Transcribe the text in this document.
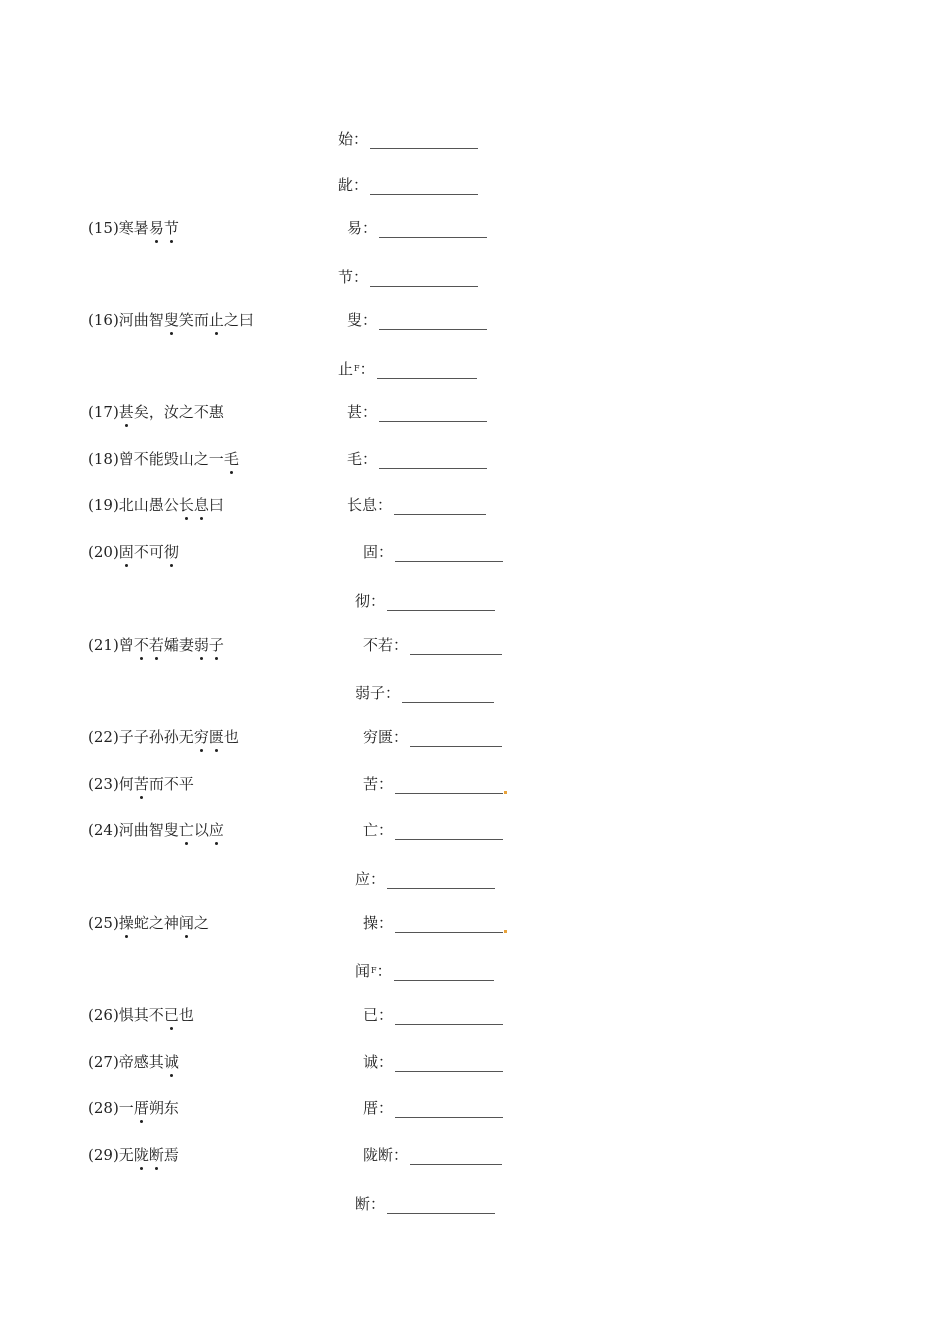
(15)寒暑易节
(16)河曲智叟笑而止之曰
(17)甚矣，汝之不惠
(18)曾不能毁山之一毛
(19)北山愚公长息曰
(20)固不可彻
(21)曾不若孀妻弱子
(22)子子孙孙无穷匮也
(23)何苦而不平
(24)河曲智叟亡以应
(25)操蛇之神闻之
(26)惧其不已也
(27)帝感其诚
(28)一厝朔东
(29)无陇断焉
始：
龀：
易：
节：
叟：
止 F ：
甚：
毛：
长息：
固：
彻：
不若：
弱子：
穷匮：
苦：
亡：
应：
操：
闻 F ：
已：
诚：
厝：
陇断：
断：
